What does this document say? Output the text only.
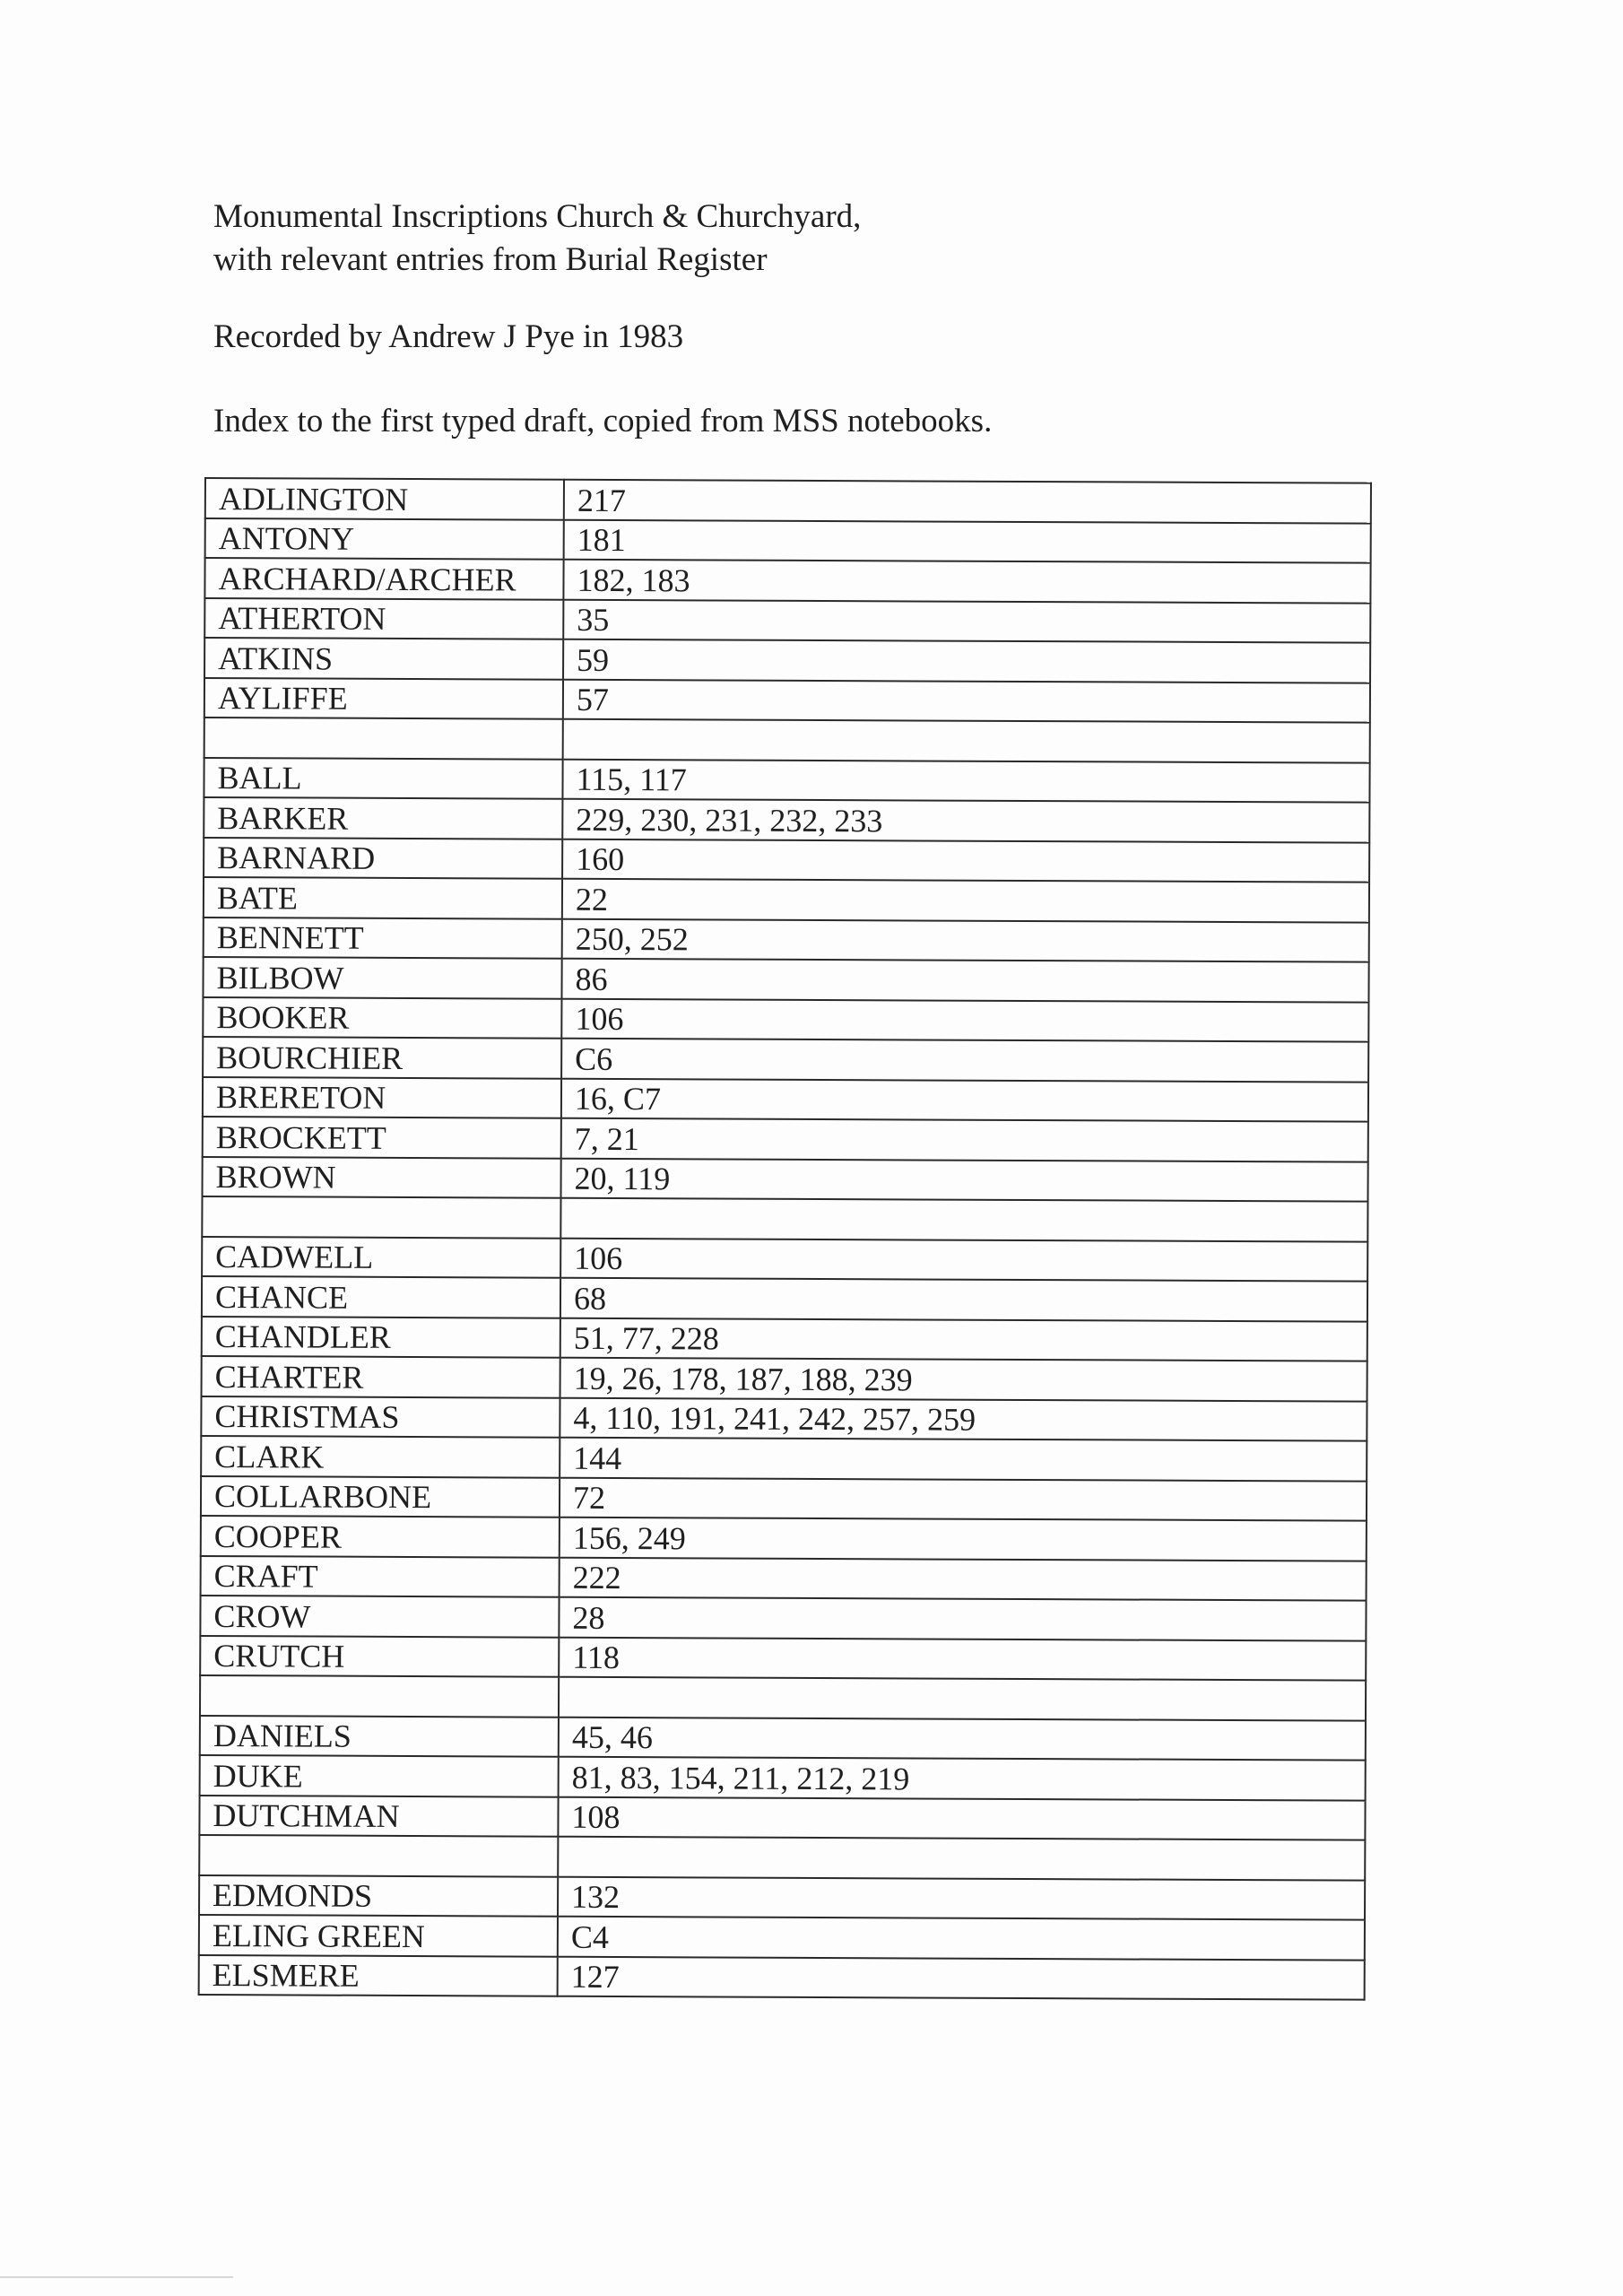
Monumental Inscriptions Church & Churchyard,
with relevant entries from Burial Register
Recorded by Andrew J Pye in 1983
Index to the first typed draft, copied from MSS notebooks.
ADLINGTON	217
ANTONY	181
ARCHARD/ARCHER	182, 183
ATHERTON	35
ATKINS	59
AYLIFFE	57

BALL	115, 117
BARKER	229, 230, 231, 232, 233
BARNARD	160
BATE	22
BENNETT	250, 252
BILBOW	86
BOOKER	106
BOURCHIER	C6
BRERETON	16, C7
BROCKETT	7, 21
BROWN	20, 119

CADWELL	106
CHANCE	68
CHANDLER	51, 77, 228
CHARTER	19, 26, 178, 187, 188, 239
CHRISTMAS	4, 110, 191, 241, 242, 257, 259
CLARK	144
COLLARBONE	72
COOPER	156, 249
CRAFT	222
CROW	28
CRUTCH	118

DANIELS	45, 46
DUKE	81, 83, 154, 211, 212, 219
DUTCHMAN	108

EDMONDS	132
ELING GREEN	C4
ELSMERE	127
